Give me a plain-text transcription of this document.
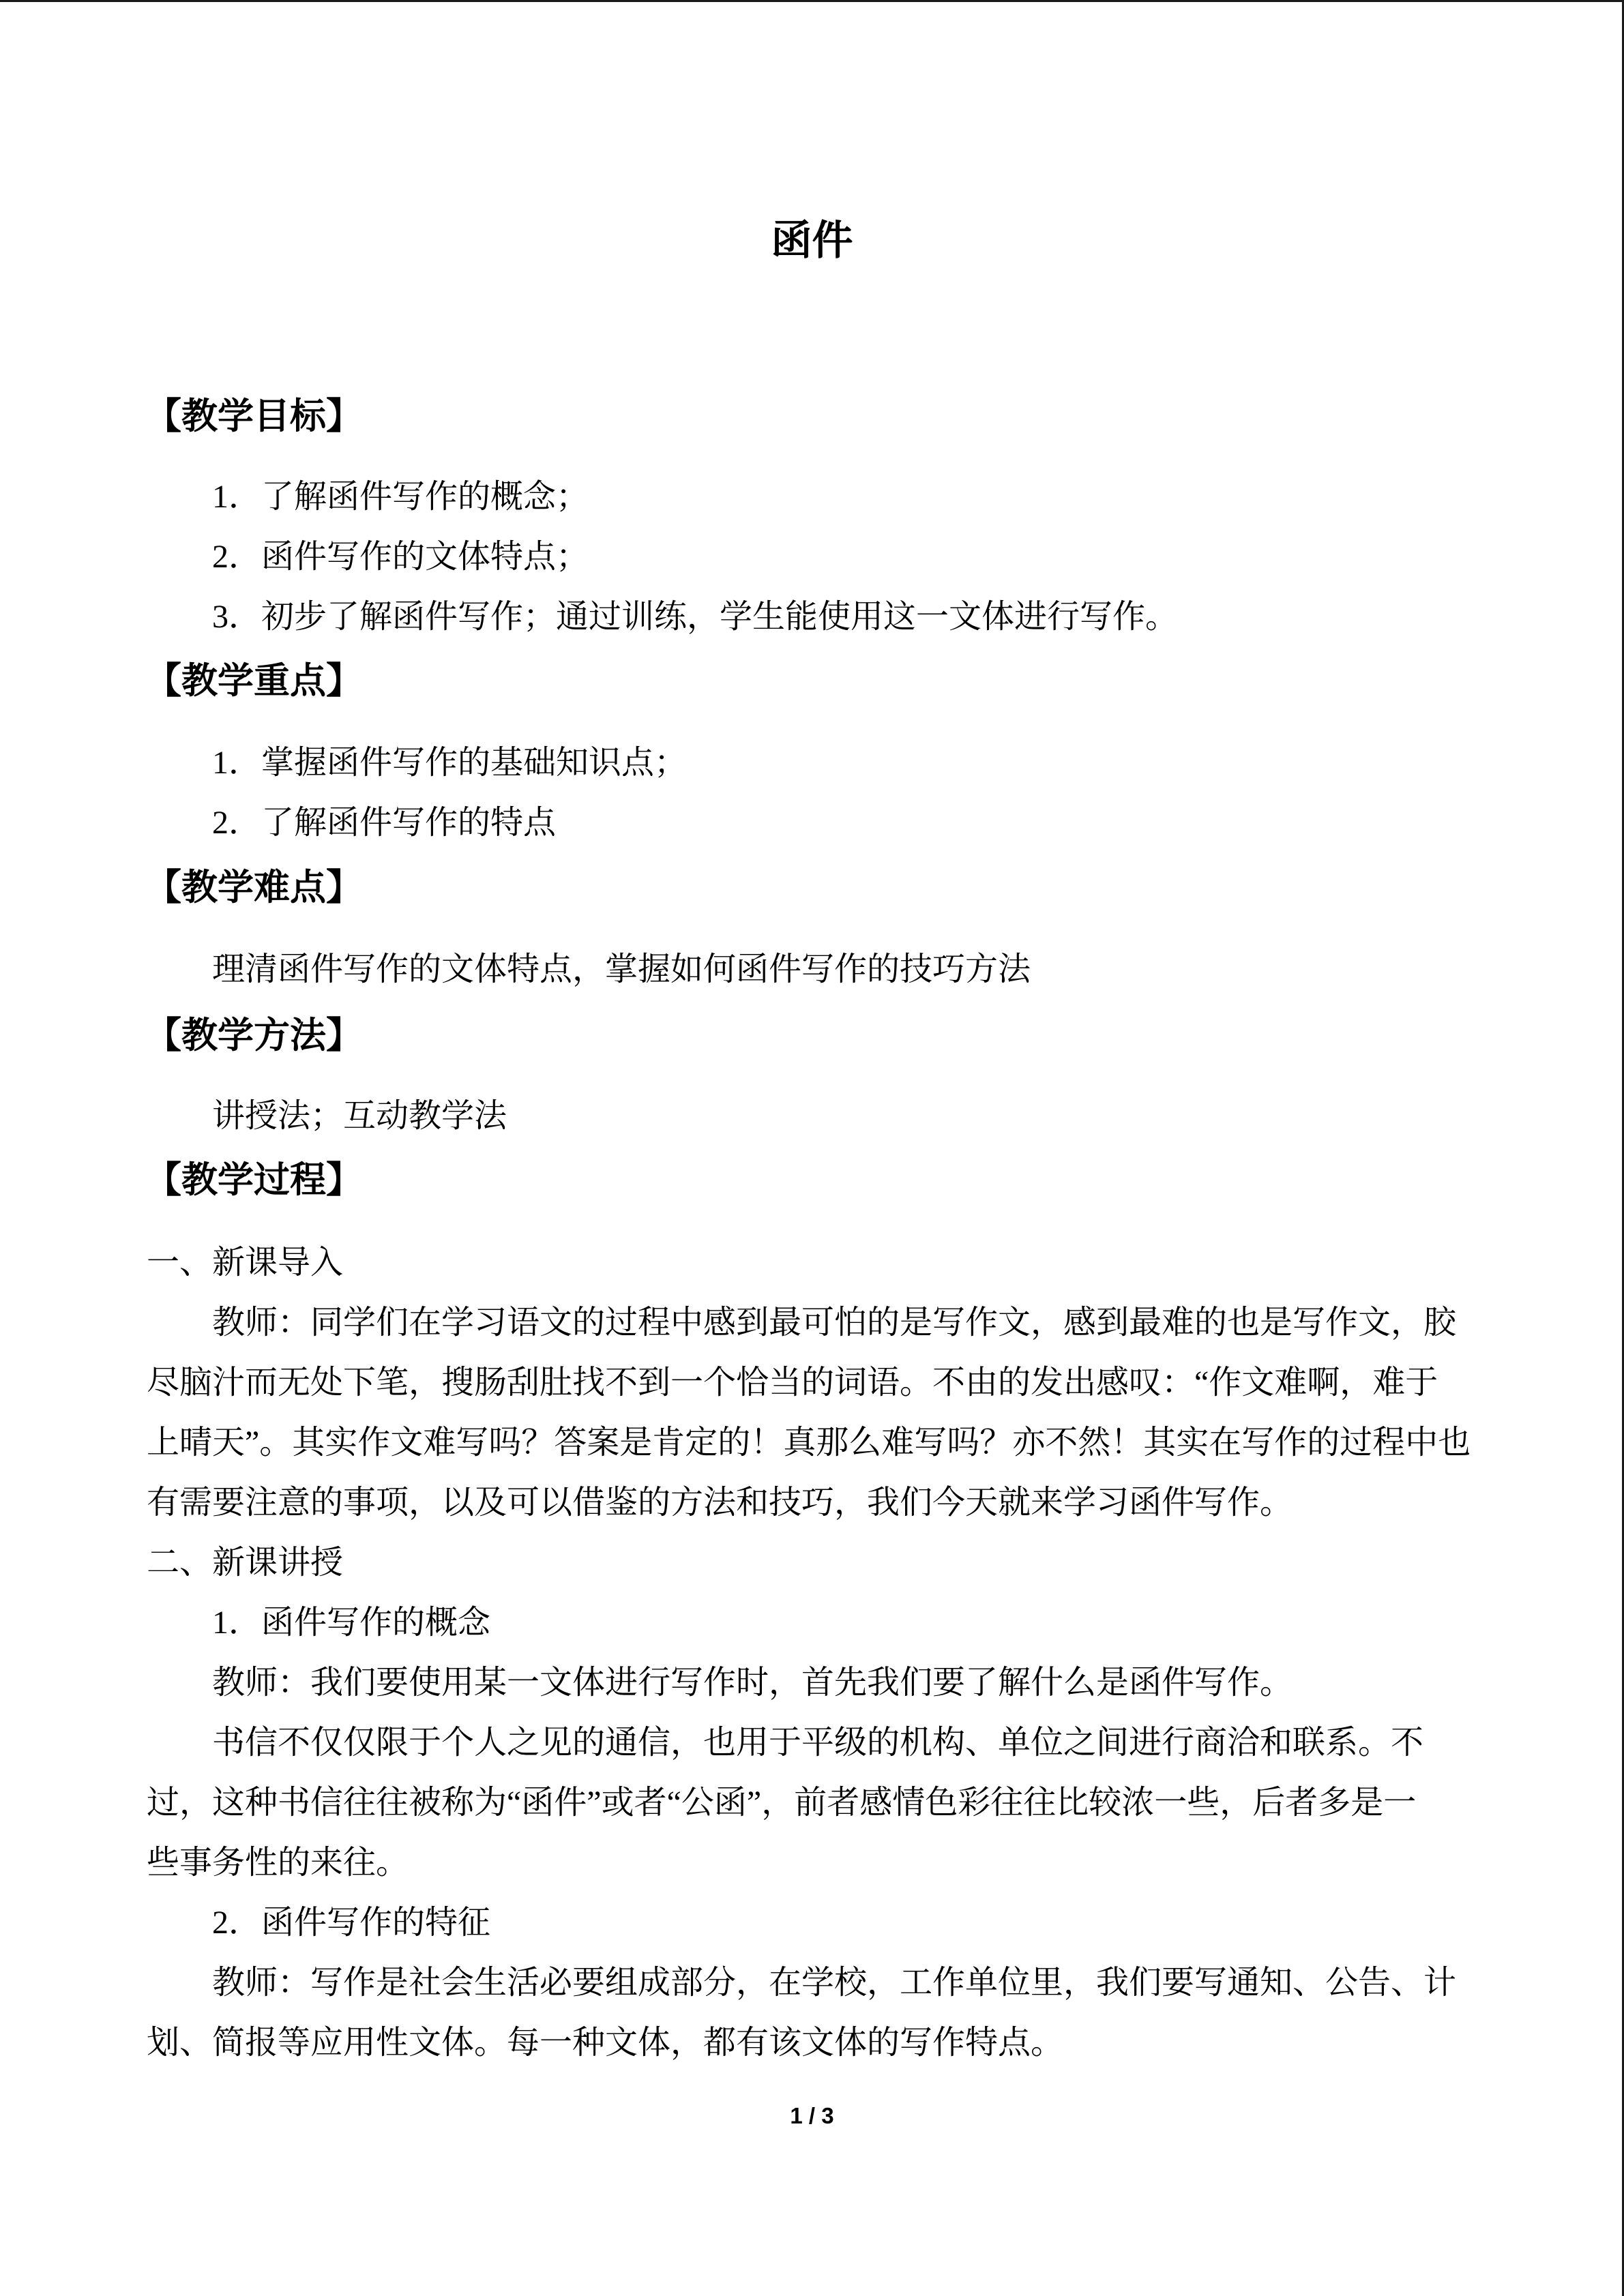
函件
【教学目标】
1．了解函件写作的概念；
2．函件写作的文体特点；
3．初步了解函件写作；通过训练，学生能使用这一文体进行写作。
【教学重点】
1．掌握函件写作的基础知识点；
2．了解函件写作的特点
【教学难点】
理清函件写作的文体特点，掌握如何函件写作的技巧方法
【教学方法】
讲授法；互动教学法
【教学过程】
一、新课导入
教师：同学们在学习语文的过程中感到最可怕的是写作文，感到最难的也是写作文，胶
尽脑汁而无处下笔，搜肠刮肚找不到一个恰当的词语。不由的发出感叹：“作文难啊，难于
上晴天”。其实作文难写吗？答案是肯定的！真那么难写吗？亦不然！其实在写作的过程中也
有需要注意的事项，以及可以借鉴的方法和技巧，我们今天就来学习函件写作。
二、新课讲授
1．函件写作的概念
教师：我们要使用某一文体进行写作时，首先我们要了解什么是函件写作。
书信不仅仅限于个人之见的通信，也用于平级的机构、单位之间进行商洽和联系。不
过，这种书信往往被称为“函件”或者“公函”，前者感情色彩往往比较浓一些，后者多是一
些事务性的来往。
2．函件写作的特征
教师：写作是社会生活必要组成部分，在学校，工作单位里，我们要写通知、公告、计
划、简报等应用性文体。每一种文体，都有该文体的写作特点。
1 / 3
